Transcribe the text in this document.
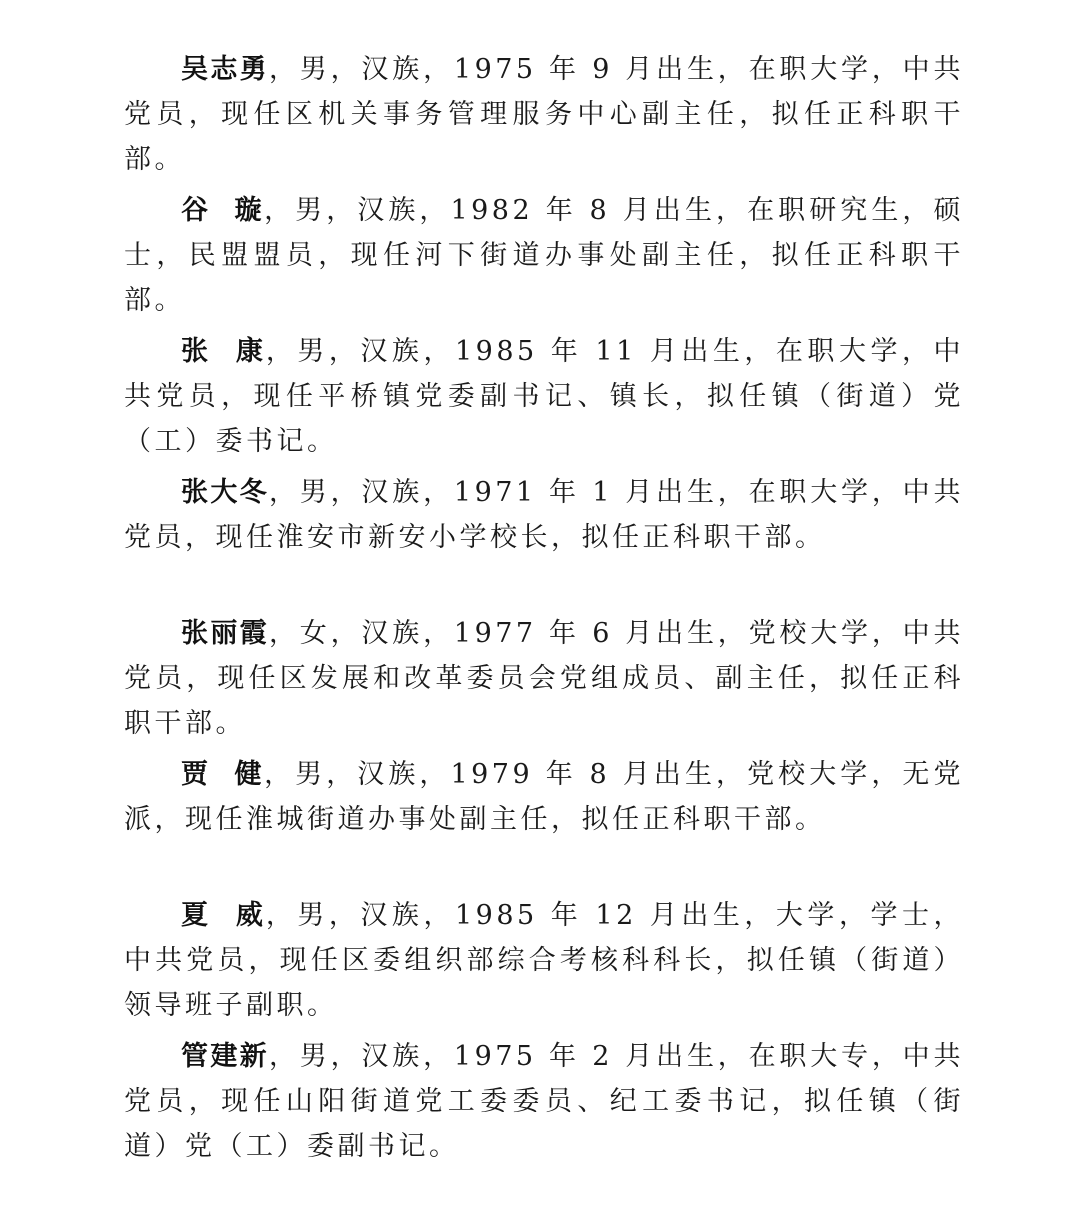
吴志勇，男，汉族，1975 年 9 月出生，在职大学，中共党员，现任区机关事务管理服务中心副主任，拟任正科职干部。

谷  璇，男，汉族，1982 年 8 月出生，在职研究生，硕士，民盟盟员，现任河下街道办事处副主任，拟任正科职干部。

张  康，男，汉族，1985 年 11 月出生，在职大学，中共党员，现任平桥镇党委副书记、镇长，拟任镇（街道）党（工）委书记。

张大冬，男，汉族，1971 年 1 月出生，在职大学，中共党员，现任淮安市新安小学校长，拟任正科职干部。

张丽霞，女，汉族，1977 年 6 月出生，党校大学，中共党员，现任区发展和改革委员会党组成员、副主任，拟任正科职干部。

贾  健，男，汉族，1979 年 8 月出生，党校大学，无党派，现任淮城街道办事处副主任，拟任正科职干部。

夏  威，男，汉族，1985 年 12 月出生，大学，学士，中共党员，现任区委组织部综合考核科科长，拟任镇（街道）领导班子副职。

管建新，男，汉族，1975 年 2 月出生，在职大专，中共党员，现任山阳街道党工委委员、纪工委书记，拟任镇（街道）党（工）委副书记。
